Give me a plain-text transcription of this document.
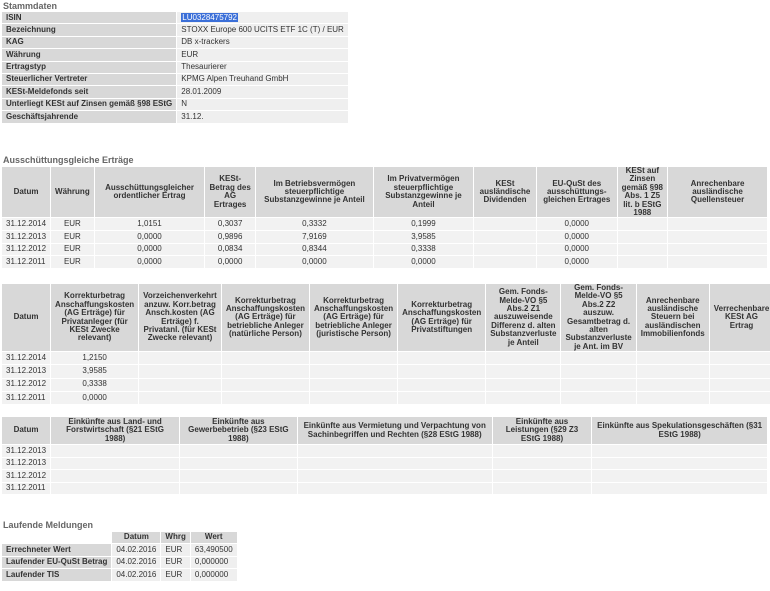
Stammdaten
ISIN	LU0328475792
Bezeichnung	STOXX Europe 600 UCITS ETF 1C (T) / EUR
KAG	DB x-trackers
Währung	EUR
Ertragstyp	Thesaurierer
Steuerlicher Vertreter	KPMG Alpen Treuhand GmbH
KESt-Meldefonds seit	28.01.2009
Unterliegt KESt auf Zinsen gemäß §98 EStG	N
Geschäftsjahrende	31.12.
Ausschüttungsgleiche Erträge
Datum	Währung	Ausschüttungsgleicher ordentlicher Ertrag	KESt-Betrag des AG Ertrages	Im Betriebsvermögen steuerpflichtige Substanzgewinne je Anteil	Im Privatvermögen steuerpflichtige Substanzgewinne je Anteil	KESt ausländische Dividenden	EU-QuSt des ausschüttungs-gleichen Ertrages	KESt auf Zinsen gemäß §98 Abs. 1 Z5 lit. b EStG 1988	Anrechenbare ausländische Quellensteuer
31.12.2014	EUR	1,0151	0,3037	0,3332	0,1999		0,0000		
31.12.2013	EUR	0,0000	0,9896	7,9169	3,9585		0,0000		
31.12.2012	EUR	0,0000	0,0834	0,8344	0,3338		0,0000		
31.12.2011	EUR	0,0000	0,0000	0,0000	0,0000		0,0000		
Datum	Korrekturbetrag Anschaffungskosten (AG Erträge) für Privatanleger (für KESt Zwecke relevant)	Vorzeichenverkehrt anzuw. Korr.betrag Ansch.kosten (AG Erträge) f. Privatanl. (für KESt Zwecke relevant)	Korrekturbetrag Anschaffungskosten (AG Erträge) für betriebliche Anleger (natürliche Person)	Korrekturbetrag Anschaffungskosten (AG Erträge) für betriebliche Anleger (juristische Person)	Korrekturbetrag Anschaffungskosten (AG Erträge) für Privatstiftungen	Gem. Fonds-Melde-VO §5 Abs.2 Z1 auszuweisende Differenz d. alten Substanzverluste je Anteil	Gem. Fonds-Melde-VO §5 Abs.2 Z2 auszuw. Gesamtbetrag d. alten Substanzverluste je Ant. im BV	Anrechenbare ausländische Steuern bei ausländischen Immobilienfonds	Verrechenbare KESt AG Ertrag
31.12.2014	1,2150								
31.12.2013	3,9585								
31.12.2012	0,3338								
31.12.2011	0,0000								
Datum	Einkünfte aus Land- und Forstwirtschaft (§21 EStG 1988)	Einkünfte aus Gewerbebetrieb (§23 EStG 1988)	Einkünfte aus Vermietung und Verpachtung von Sachinbegriffen und Rechten (§28 EStG 1988)	Einkünfte aus Leistungen (§29 Z3 EStG 1988)	Einkünfte aus Spekulationsgeschäften (§31 EStG 1988)
31.12.2013					
31.12.2013					
31.12.2012					
31.12.2011					
Laufende Meldungen
	Datum	Whrg	Wert
Errechneter Wert	04.02.2016	EUR	63,490500
Laufender EU-QuSt Betrag	04.02.2016	EUR	0,000000
Laufender TIS	04.02.2016	EUR	0,000000
